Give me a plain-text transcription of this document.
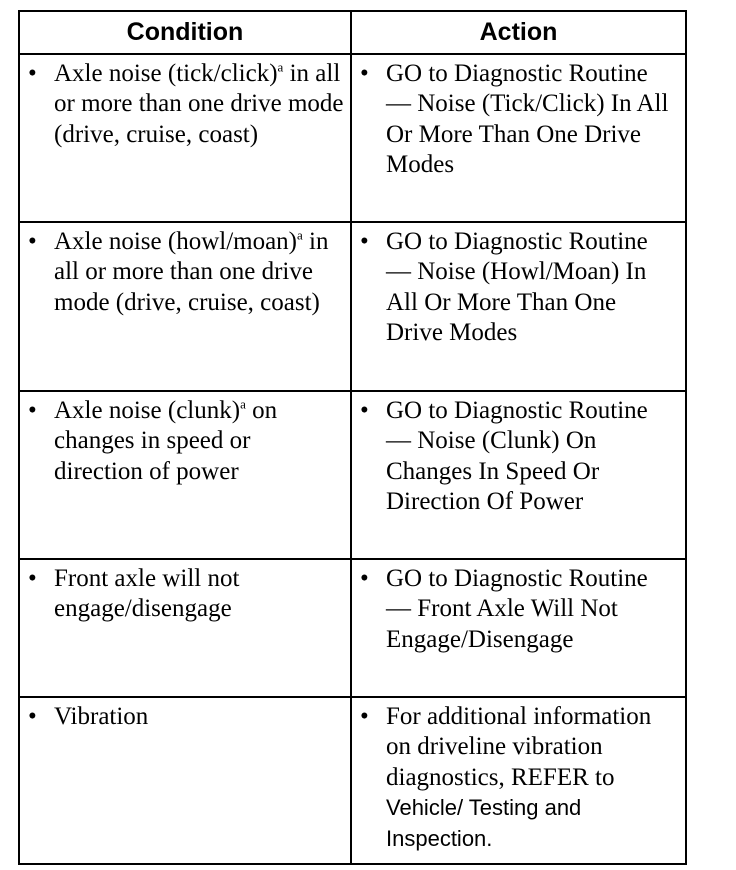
Condition	Action

• Axle noise (tick/click)$^a$ in all or more than one drive mode (drive, cruise, coast)	• GO to Diagnostic Routine — Noise (Tick/Click) In All Or More Than One Drive Modes

• Axle noise (howl/moan)$^a$ in all or more than one drive mode (drive, cruise, coast)	• GO to Diagnostic Routine — Noise (Howl/Moan) In All Or More Than One Drive Modes

• Axle noise (clunk)$^a$ on changes in speed or direction of power	• GO to Diagnostic Routine — Noise (Clunk) On Changes In Speed Or Direction Of Power

• Front axle will not engage/disengage	• GO to Diagnostic Routine — Front Axle Will Not Engage/Disengage

• Vibration	• For additional information on driveline vibration diagnostics, REFER to Vehicle/ Testing and Inspection.
